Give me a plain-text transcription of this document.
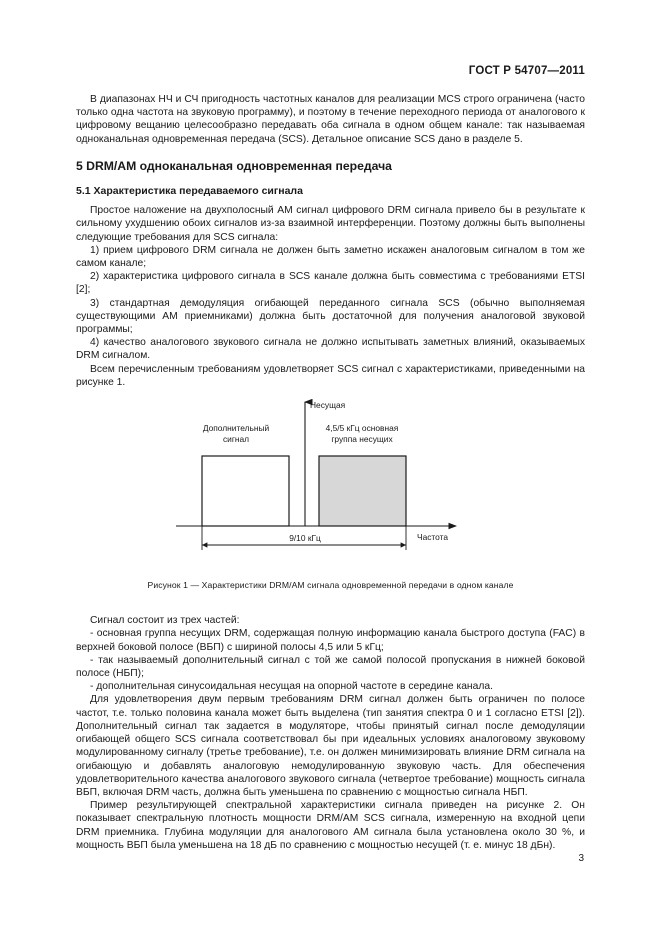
ГОСТ Р 54707—2011

В диапазонах НЧ и СЧ пригодность частотных каналов для реализации MCS строго ограничена (часто только одна частота на звуковую программу), и поэтому в течение переходного периода от аналогового к цифровому вещанию целесообразно передавать оба сигнала в одном общем канале: так называемая одноканальная одновременная передача (SCS). Детальное описание SCS дано в разделе 5.

5 DRM/AM одноканальная одновременная передача
5.1 Характеристика передаваемого сигнала

Простое наложение на двухполосный AM сигнал цифрового DRM сигнала привело бы в результате к сильному ухудшению обоих сигналов из-за взаимной интерференции. Поэтому должны быть выполнены следующие требования для SCS сигнала:

1) прием цифрового DRM сигнала не должен быть заметно искажен аналоговым сигналом в том же самом канале;

2) характеристика цифрового сигнала в SCS канале должна быть совместима с требованиями ETSI [2];

3) стандартная демодуляция огибающей переданного сигнала SCS (обычно выполняемая существующими AM приемниками) должна быть достаточной для получения аналоговой звуковой программы;

4) качество аналогового звукового сигнала не должно испытывать заметных влияний, оказываемых DRM сигналом.

Всем перечисленным требованиям удовлетворяет SCS сигнал с характеристиками, приведенными на рисунке 1.

Дополнительный
сигнал
4,5/5 кГц основная
группа несущих
Несущая
Частота
9/10 кГц
Рисунок 1 — Характеристики DRM/AM сигнала одновременной передачи в одном канале

Сигнал состоит из трех частей:

- основная группа несущих DRM, содержащая полную информацию канала быстрого доступа (FAC) в верхней боковой полосе (ВБП) с шириной полосы 4,5 или 5 кГц;

- так называемый дополнительный сигнал с той же самой полосой пропускания в нижней боковой полосе (НБП);

- дополнительная синусоидальная несущая на опорной частоте в середине канала.

Для удовлетворения двум первым требованиям DRM сигнал должен быть ограничен по полосе частот, т.е. только половина канала может быть выделена (тип занятия спектра 0 и 1 согласно ETSI [2]). Дополнительный сигнал так задается в модуляторе, чтобы принятый сигнал после демодуляции огибающей общего SCS сигнала соответствовал бы при идеальных условиях аналоговому звуковому модулированному сигналу (третье требование), т.е. он должен минимизировать влияние DRM сигнала на огибающую и добавлять аналоговую немодулированную звуковую часть. Для обеспечения удовлетворительного качества аналогового звукового сигнала (четвертое требование) мощность сигнала ВБП, включая DRM часть, должна быть уменьшена по сравнению с мощностью сигнала НБП.

Пример результирующей спектральной характеристики сигнала приведен на рисунке 2. Он показывает спектральную плотность мощности DRM/AM SCS сигнала, измеренную на входной цепи DRM приемника. Глубина модуляции для аналогового AM сигнала была установлена около 30 %, и мощность ВБП была уменьшена на 18 дБ по сравнению с мощностью несущей (т. е. минус 18 дБн).

3
